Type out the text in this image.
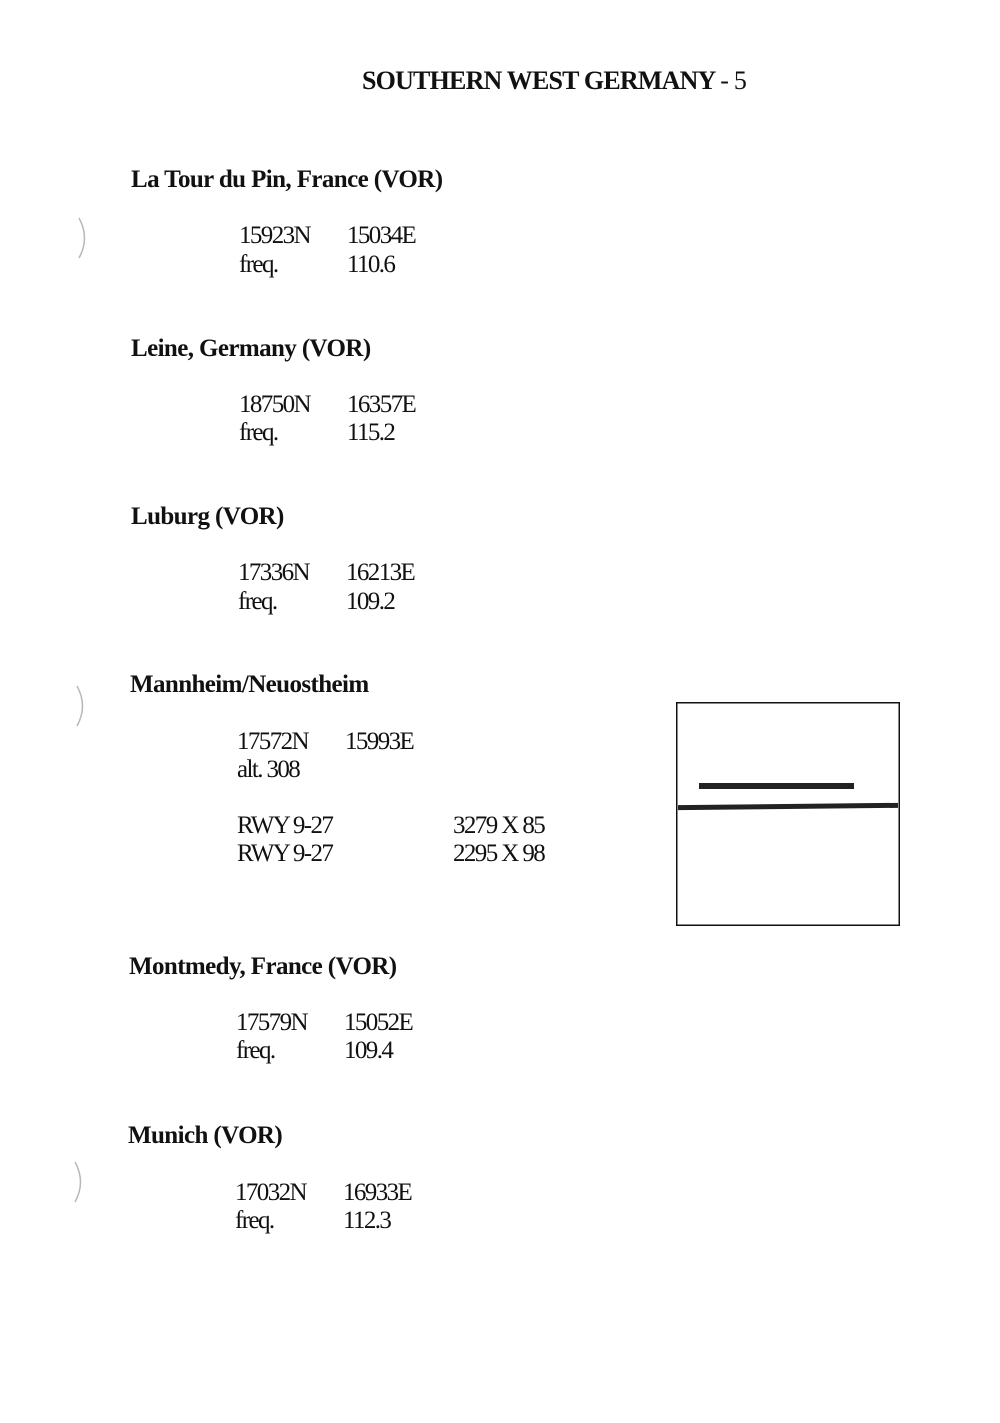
SOUTHERN WEST GERMANY - 5
La Tour du Pin, France (VOR)
15923N 15034E
freq.	110.6
Leine, Germany (VOR)
18750N 16357E
freq.	115.2
Luburg (VOR)
17336N 16213E
freq.	109.2
Mannheim/Neuostheim
17572N 15993E
alt. 308
RWY 9-27	3279 X 85
RWY 9-27	2295 X 98
Montmedy, France (VOR)
17579N 15052E
freq.	109.4
Munich (VOR)
17032N 16933E
freq.	112.3
